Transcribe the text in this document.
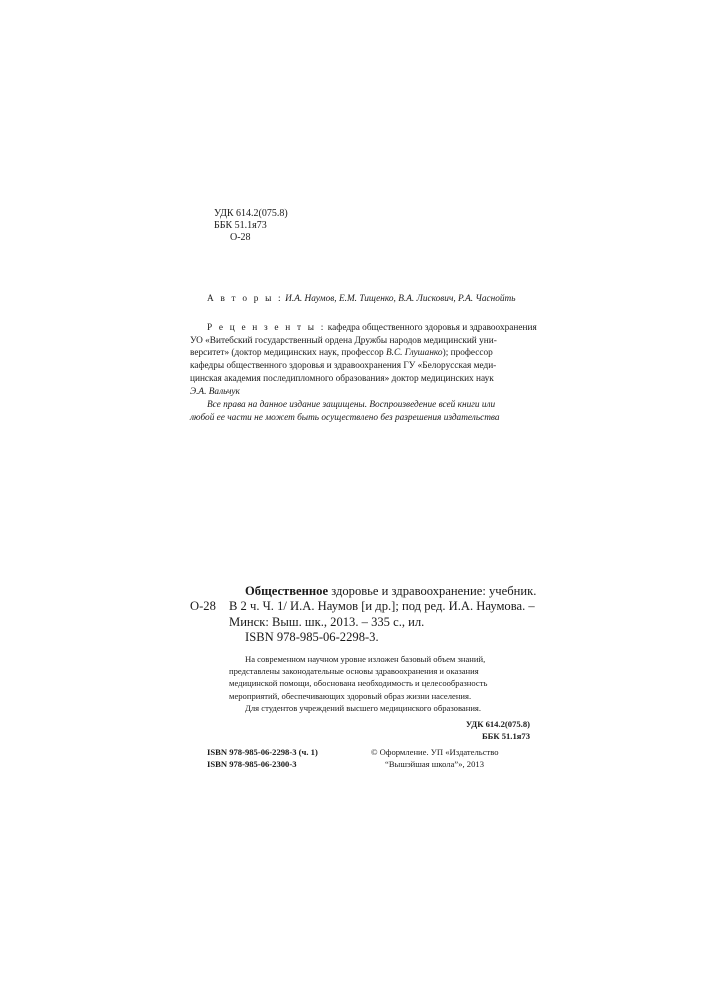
УДК 614.2(075.8)
ББК 51.1я73
О-28
А в т о р ы : И.А. Наумов, Е.М. Тищенко, В.А. Лискович, Р.А. Часнойть
Р е ц е н з е н т ы : кафедра общественного здоровья и здравоохранения
УО «Витебский государственный ордена Дружбы народов медицинский уни-
верситет» (доктор медицинских наук, профессор В.С. Глушанко); профессор
кафедры общественного здоровья и здравоохранения ГУ «Белорусская меди-
цинская академия последипломного образования» доктор медицинских наук
Э.А. Вальчук
Все права на данное издание защищены. Воспроизведение всей книги или
любой ее части не может быть осуществлено без разрешения издательства
О-28
Общественное здоровье и здравоохранение: учебник.
В 2 ч. Ч. 1/ И.А. Наумов [и др.]; под ред. И.А. Наумова. –
Минск: Выш. шк., 2013. – 335 с., ил.
ISBN 978-985-06-2298-3.
На современном научном уровне изложен базовый объем знаний,
представлены законодательные основы здравоохранения и оказания
медицинской помощи, обоснована необходимость и целесообразность
мероприятий, обеспечивающих здоровый образ жизни населения.
Для студентов учреждений высшего медицинского образования.
УДК 614.2(075.8)
ББК 51.1я73
ISBN 978-985-06-2298-3 (ч. 1)
ISBN 978-985-06-2300-3
© Оформление. УП «Издательство
“Вышэйшая школа”», 2013
